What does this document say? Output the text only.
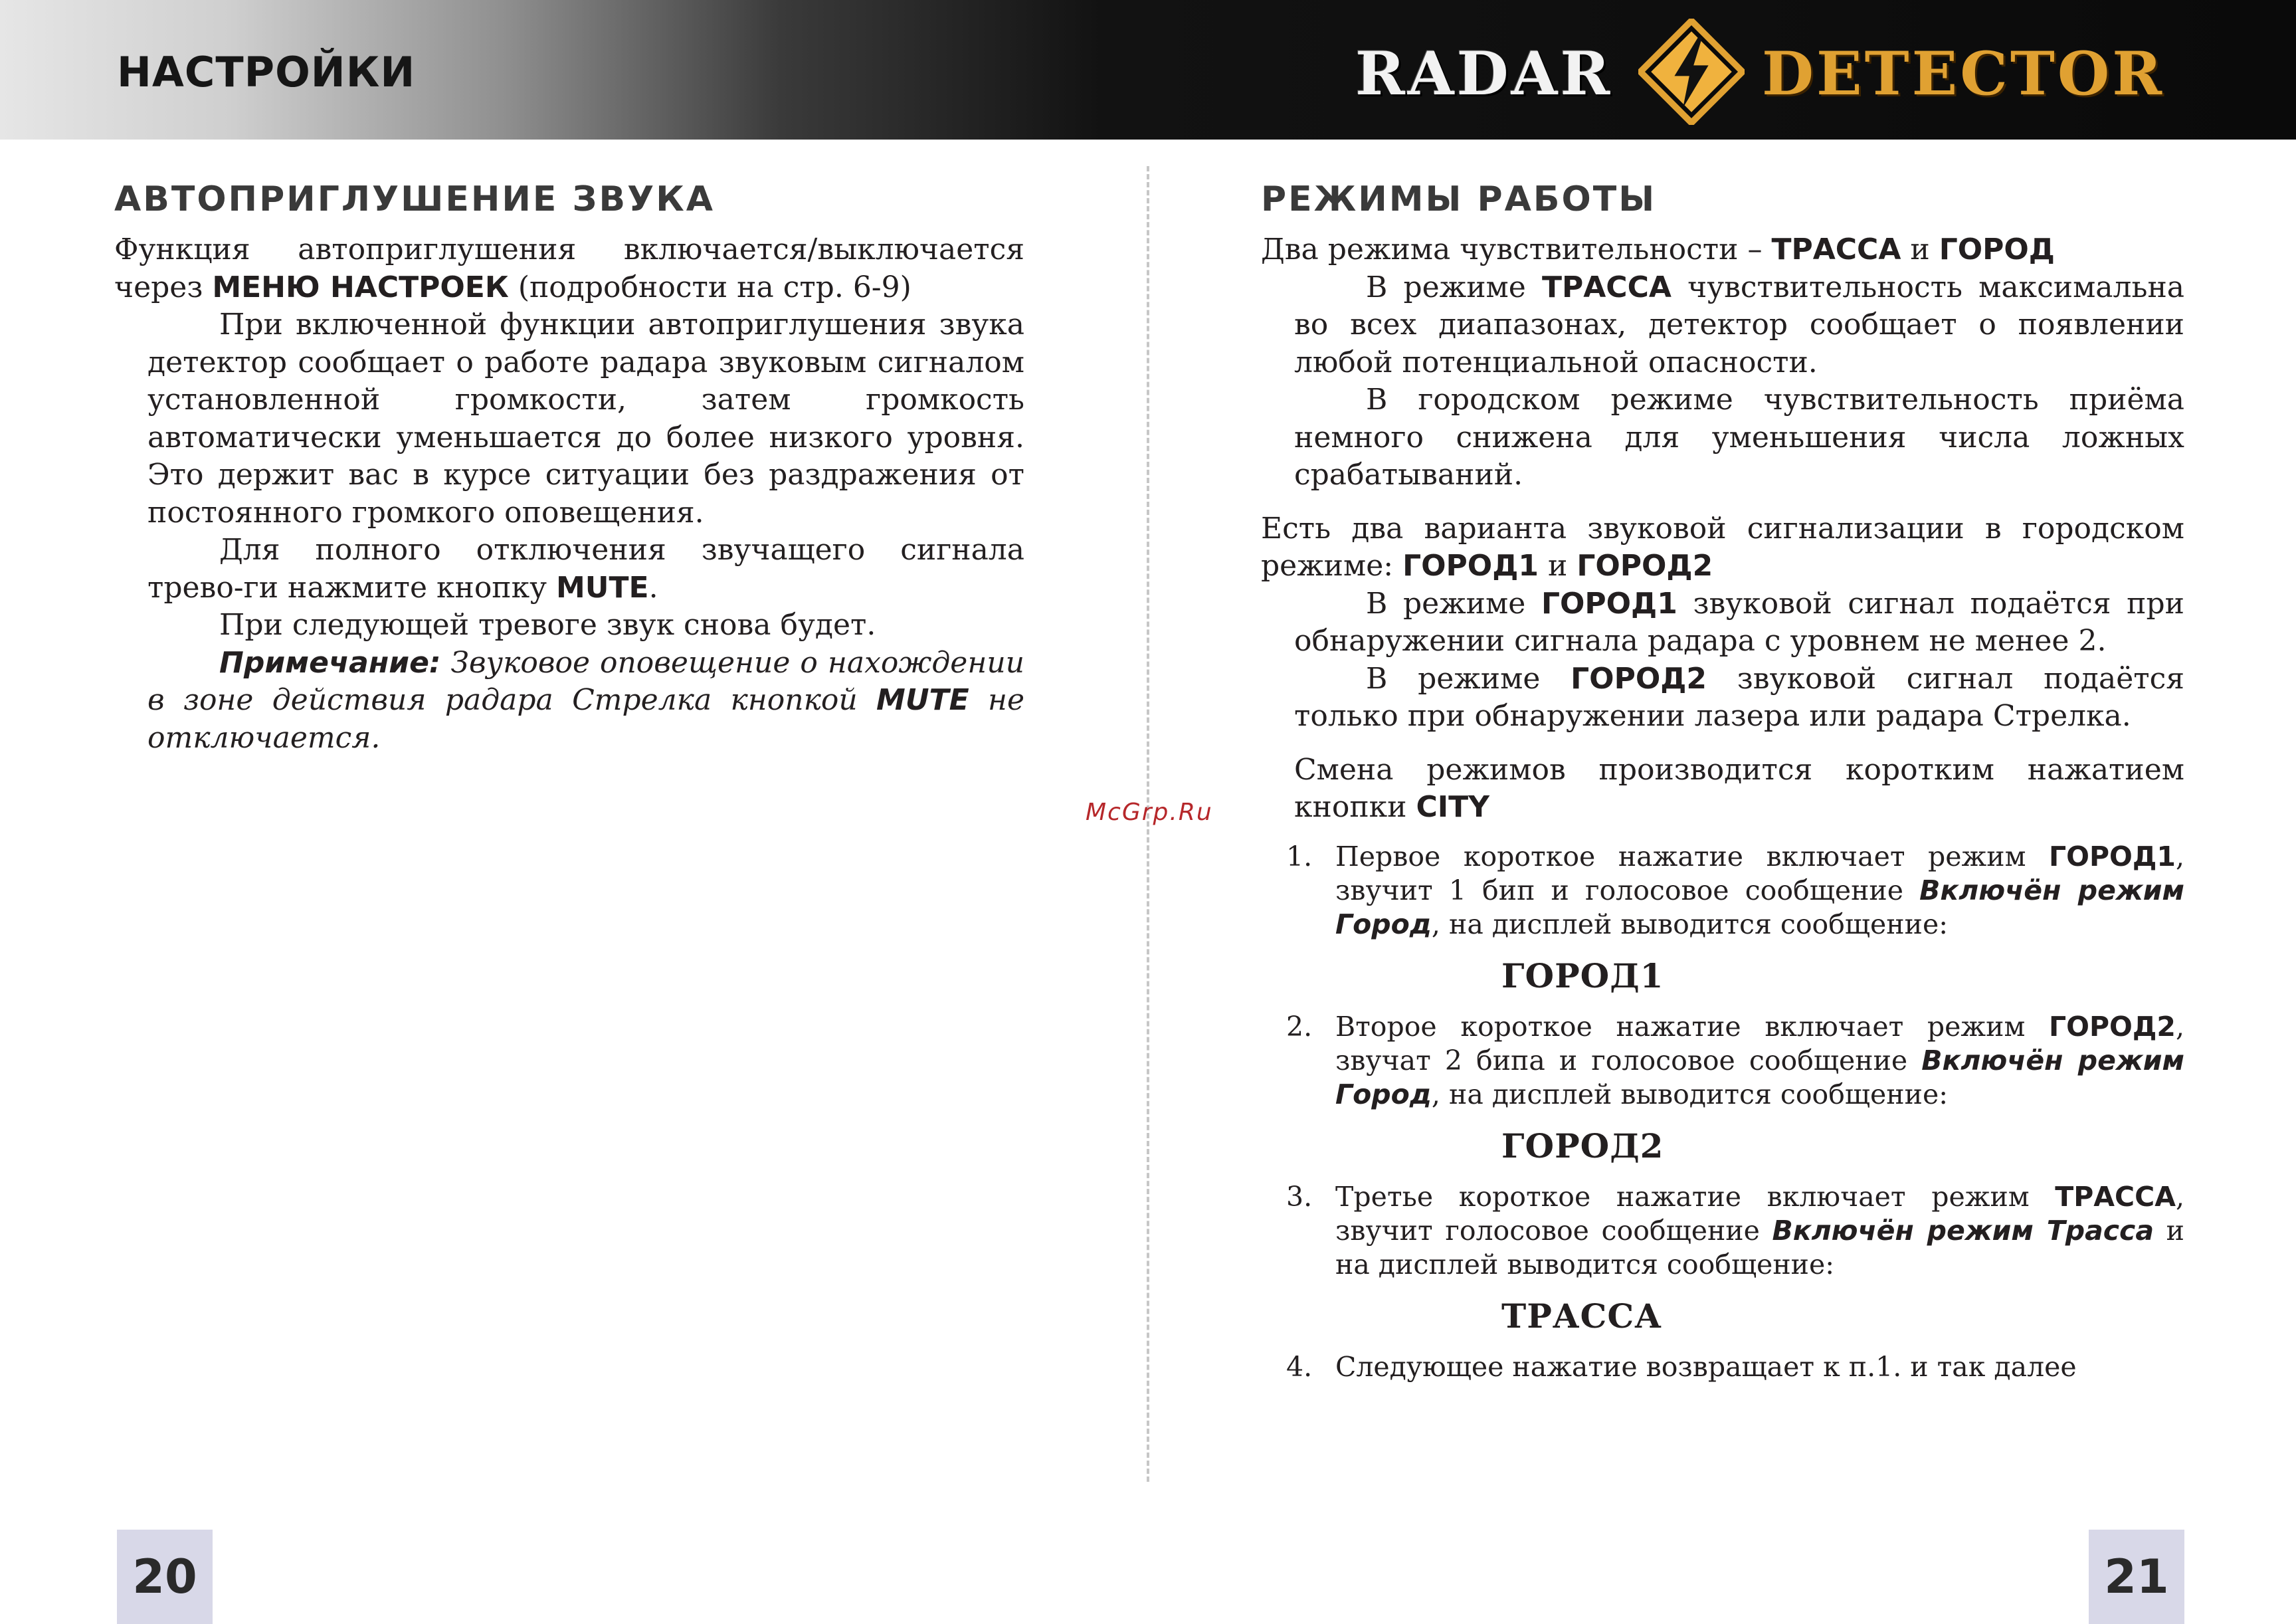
НАСТРОЙКИ	RADAR DETECTOR

McGrp.Ru

АВТОПРИГЛУШЕНИЕ ЗВУКА

Функция автоприглушения включается/выключается через МЕНЮ НАСТРОЕК (подробности на стр. 6-9)

При включенной функции автоприглушения звука детектор сообщает о работе радара звуковым сигналом установленной громкости, затем громкость автоматически уменьшается до более низкого уровня. Это держит вас в курсе ситуации без раздражения от постоянного громкого оповещения.

Для полного отключения звучащего сигнала трево-ги нажмите кнопку MUTE.

При следующей тревоге звук снова будет.

Примечание: Звуковое оповещение о нахождении в зоне действия радара Стрелка кнопкой MUTE не отключается.

РЕЖИМЫ РАБОТЫ

Два режима чувствительности – ТРАССА и ГОРОД

В режиме ТРАССА чувствительность максимальна во всех диапазонах, детектор сообщает о появлении любой потенциальной опасности.

В городском режиме чувствительность приёма немного снижена для уменьшения числа ложных срабатываний.

Есть два варианта звуковой сигнализации в городском режиме: ГОРОД1 и ГОРОД2

В режиме ГОРОД1 звуковой сигнал подаётся при обнаружении сигнала радара с уровнем не менее 2.

В режиме ГОРОД2 звуковой сигнал подаётся только при обнаружении лазера или радара Стрелка.

Смена режимов производится коротким нажатием кнопки CITY

1. Первое короткое нажатие включает режим ГОРОД1, звучит 1 бип и голосовое сообщение Включён режим Город, на дисплей выводится сообщение:
ГОРОД1
2. Второе короткое нажатие включает режим ГОРОД2, звучат 2 бипа и голосовое сообщение Включён режим Город, на дисплей выводится сообщение:
ГОРОД2
3. Третье короткое нажатие включает режим ТРАССА, звучит голосовое сообщение Включён режим Трасса и на дисплей выводится сообщение:
ТРАССА
4. Следующее нажатие возвращает к п.1. и так далее
20	21
